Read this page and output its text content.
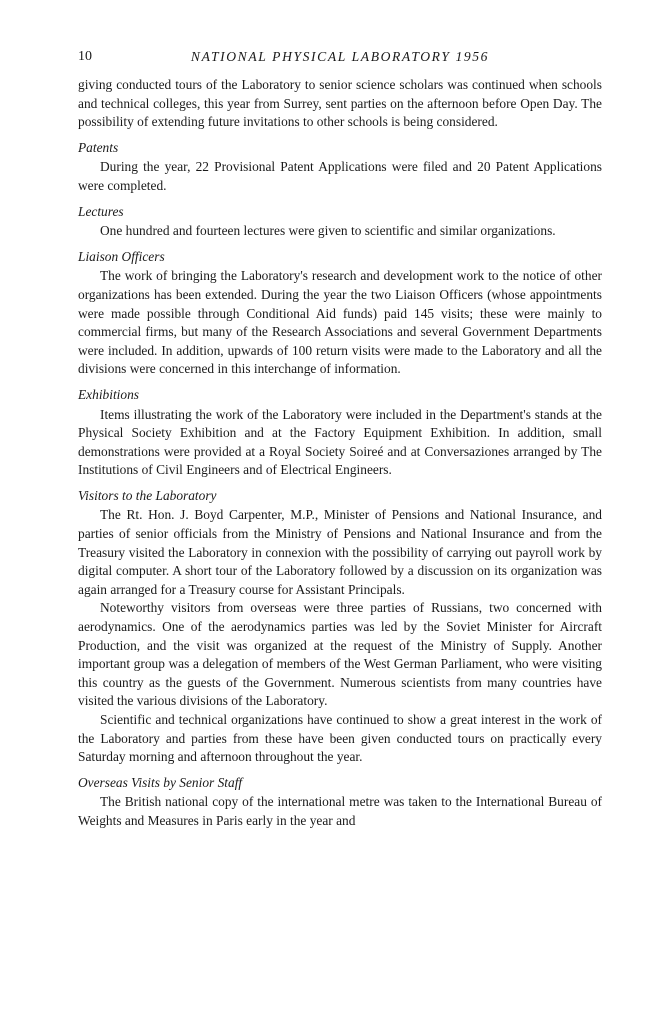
10	NATIONAL PHYSICAL LABORATORY 1956

giving conducted tours of the Laboratory to senior science scholars was continued when schools and technical colleges, this year from Surrey, sent parties on the afternoon before Open Day. The possibility of extending future invitations to other schools is being considered.

Patents

During the year, 22 Provisional Patent Applications were filed and 20 Patent Applications were completed.

Lectures

One hundred and fourteen lectures were given to scientific and similar organizations.

Liaison Officers

The work of bringing the Laboratory's research and development work to the notice of other organizations has been extended. During the year the two Liaison Officers (whose appointments were made possible through Conditional Aid funds) paid 145 visits; these were mainly to commercial firms, but many of the Research Associations and several Government Departments were included. In addition, upwards of 100 return visits were made to the Laboratory and all the divisions were concerned in this interchange of information.

Exhibitions

Items illustrating the work of the Laboratory were included in the Department's stands at the Physical Society Exhibition and at the Factory Equipment Exhibition. In addition, small demonstrations were provided at a Royal Society Soireé and at Conversaziones arranged by The Institutions of Civil Engineers and of Electrical Engineers.

Visitors to the Laboratory

The Rt. Hon. J. Boyd Carpenter, M.P., Minister of Pensions and National Insurance, and parties of senior officials from the Ministry of Pensions and National Insurance and from the Treasury visited the Laboratory in connexion with the possibility of carrying out payroll work by digital computer. A short tour of the Laboratory followed by a discussion on its organization was again arranged for a Treasury course for Assistant Principals.

Noteworthy visitors from overseas were three parties of Russians, two concerned with aerodynamics. One of the aerodynamics parties was led by the Soviet Minister for Aircraft Production, and the visit was organized at the request of the Ministry of Supply. Another important group was a delegation of members of the West German Parliament, who were visiting this country as the guests of the Government. Numerous scientists from many countries have visited the various divisions of the Laboratory.

Scientific and technical organizations have continued to show a great interest in the work of the Laboratory and parties from these have been given conducted tours on practically every Saturday morning and afternoon throughout the year.

Overseas Visits by Senior Staff

The British national copy of the international metre was taken to the International Bureau of Weights and Measures in Paris early in the year and
